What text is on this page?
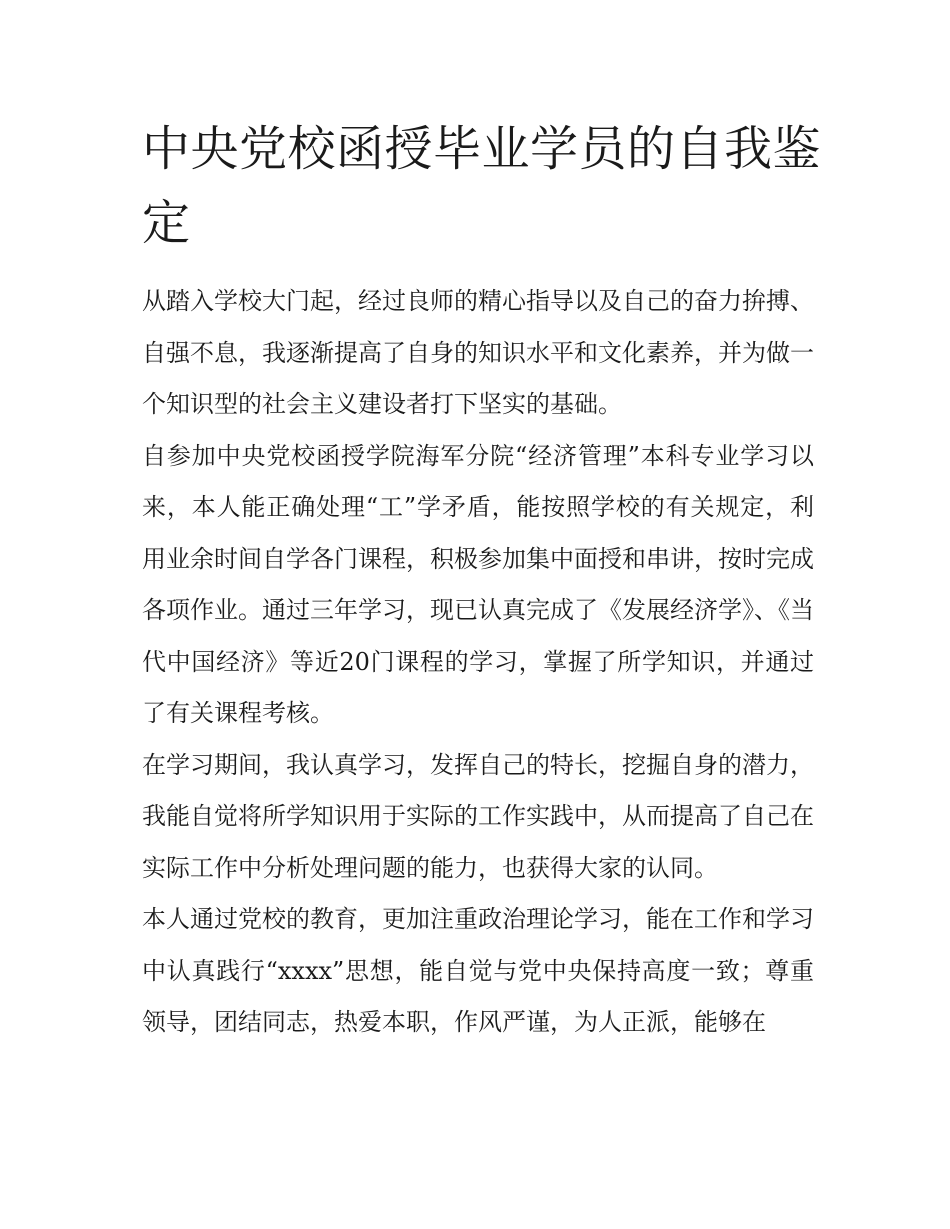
中央党校函授毕业学员的自我鉴定

从踏入学校大门起，经过良师的精心指导以及自己的奋力拚搏、自强不息，我逐渐提高了自身的知识水平和文化素养，并为做一个知识型的社会主义建设者打下坚实的基础。

自参加中央党校函授学院海军分院“经济管理”本科专业学习以来，本人能正确处理“工”学矛盾，能按照学校的有关规定，利用业余时间自学各门课程，积极参加集中面授和串讲，按时完成各项作业。通过三年学习，现已认真完成了《发展经济学》、《当代中国经济》等近20门课程的学习，掌握了所学知识，并通过了有关课程考核。

在学习期间，我认真学习，发挥自己的特长，挖掘自身的潜力，我能自觉将所学知识用于实际的工作实践中，从而提高了自己在实际工作中分析处理问题的能力，也获得大家的认同。

本人通过党校的教育，更加注重政治理论学习，能在工作和学习中认真践行“xxxx”思想，能自觉与党中央保持高度一致；尊重领导，团结同志，热爱本职，作风严谨，为人正派，能够在
